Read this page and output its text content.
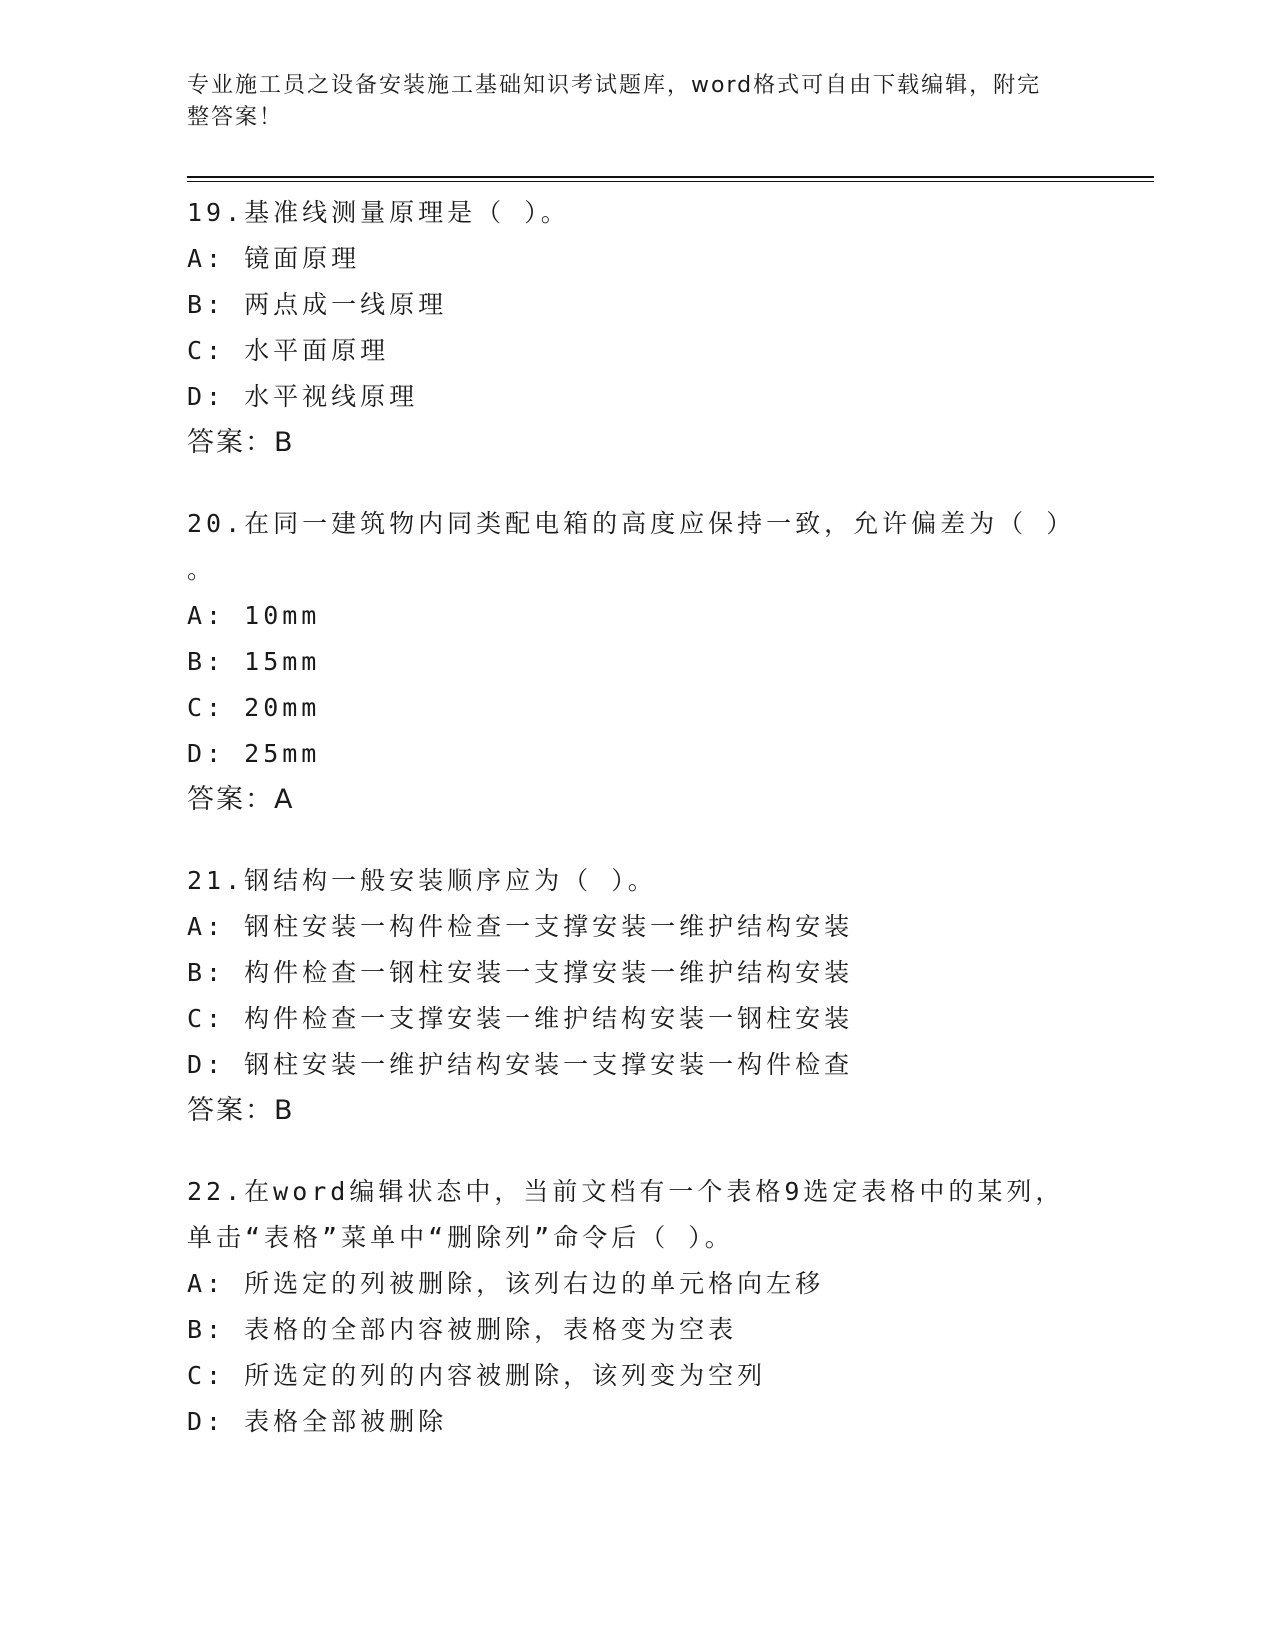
专业施工员之设备安装施工基础知识考试题库，word格式可自由下载编辑，附完
整答案！
19.基准线测量原理是（ ）。
A: 镜面原理
B: 两点成一线原理
C: 水平面原理
D: 水平视线原理
答案：B
20.在同一建筑物内同类配电箱的高度应保持一致，允许偏差为（ ）
。
A: 10mm
B: 15mm
C: 20mm
D: 25mm
答案：A
21.钢结构一般安装顺序应为（ ）。
A: 钢柱安装一构件检查一支撑安装一维护结构安装
B: 构件检查一钢柱安装一支撑安装一维护结构安装
C: 构件检查一支撑安装一维护结构安装一钢柱安装
D: 钢柱安装一维护结构安装一支撑安装一构件检查
答案：B
22.在word编辑状态中，当前文档有一个表格9选定表格中的某列，
单击“表格”菜单中“删除列”命令后（ ）。
A: 所选定的列被删除，该列右边的单元格向左移
B: 表格的全部内容被删除，表格变为空表
C: 所选定的列的内容被删除，该列变为空列
D: 表格全部被删除
